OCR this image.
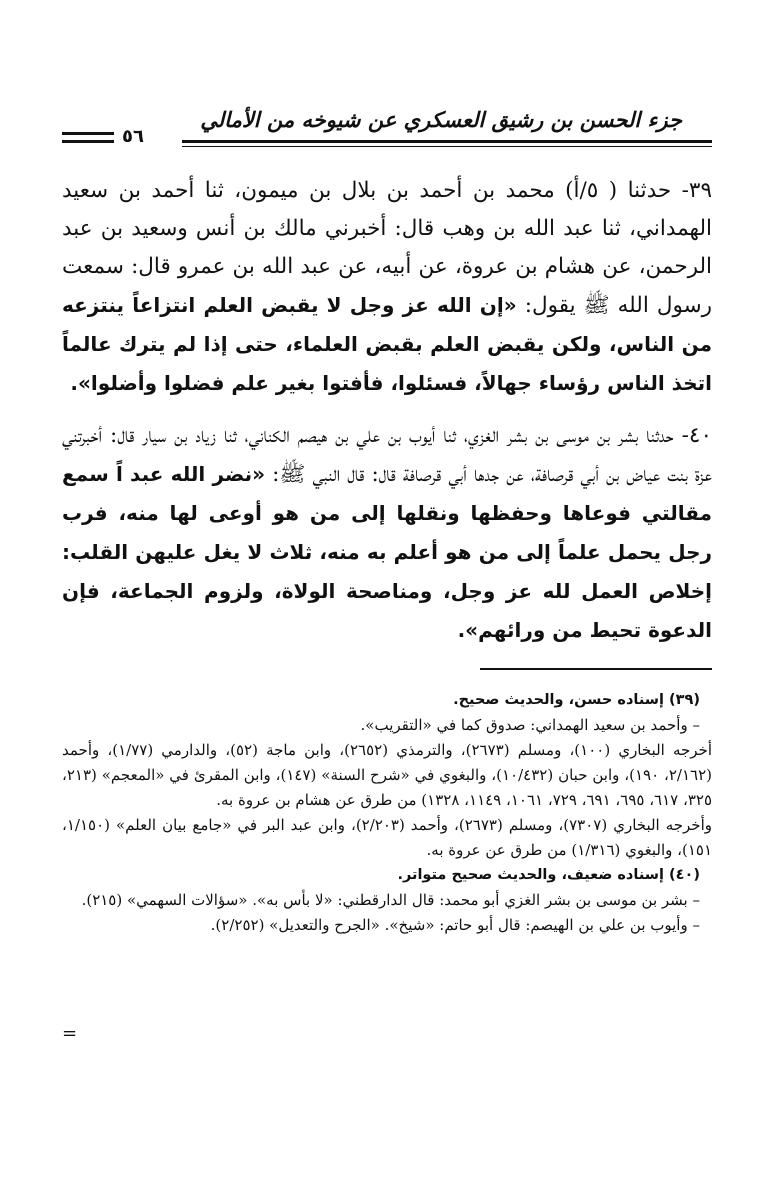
جزء الحسن بن رشيق العسكري عن شيوخه من الأمالي
٥٦

٣٩- حدثنا ( ٥/أ) محمد بن أحمد بن بلال بن ميمون، ثنا أحمد بن سعيد الهمداني، ثنا عبد الله بن وهب قال: أخبرني مالك بن أنس وسعيد بن عبد الرحمن، عن هشام بن عروة، عن أبيه، عن عبد الله بن عمرو قال: سمعت رسول الله ﷺ يقول: «إن الله عز وجل لا يقبض العلم انتزاعاً ينتزعه من الناس، ولكن يقبض العلم بقبض العلماء، حتى إذا لم يترك عالماً اتخذ الناس رؤساء جهالاً، فسئلوا، فأفتوا بغير علم فضلوا وأضلوا».

٤٠- حدثنا بشر بن موسى بن بشر الغزي، ثنا أيوب بن علي بن هيصم الكناني، ثنا زياد بن سيار قال: أخبرتني عزة بنت عياض بن أبي قرصافة، عن جدها أبي قرصافة قال: قال النبي ﷺ: «نضر الله عبد اً سمع مقالتي فوعاها وحفظها ونقلها إلى من هو أوعى لها منه، فرب رجل يحمل علماً إلى من هو أعلم به منه، ثلاث لا يغل عليهن القلب: إخلاص العمل لله عز وجل، ومناصحة الولاة، ولزوم الجماعة، فإن الدعوة تحيط من ورائهم».

(٣٩) إسناده حسن، والحديث صحيح.
– وأحمد بن سعيد الهمداني: صدوق كما في «التقريب».
أخرجه البخاري (١٠٠)، ومسلم (٢٦٧٣)، والترمذي (٢٦٥٢)، وابن ماجة (٥٢)، والدارمي (١/٧٧)، وأحمد (٢/١٦٢، ١٩٠)، وابن حبان (١٠/٤٣٢)، والبغوي في «شرح السنة» (١٤٧)، وابن المقرئ في «المعجم» (٢١٣، ٣٢٥، ٦١٧، ٦٩٥، ٦٩١، ٧٢٩، ١٠٦١، ١١٤٩، ١٣٢٨) من طرق عن هشام بن عروة به.
وأخرجه البخاري (٧٣٠٧)، ومسلم (٢٦٧٣)، وأحمد (٢/٢٠٣)، وابن عبد البر في «جامع بيان العلم» (١/١٥٠، ١٥١)، والبغوي (١/٣١٦) من طرق عن عروة به.
(٤٠) إسناده ضعيف، والحديث صحيح متواتر.
– بشر بن موسى بن بشر الغزي أبو محمد: قال الدارقطني: «لا بأس به». «سؤالات السهمي» (٢١٥).
– وأيوب بن علي بن الهيصم: قال أبو حاتم: «شيخ». «الجرح والتعديل» (٢/٢٥٢).
=
